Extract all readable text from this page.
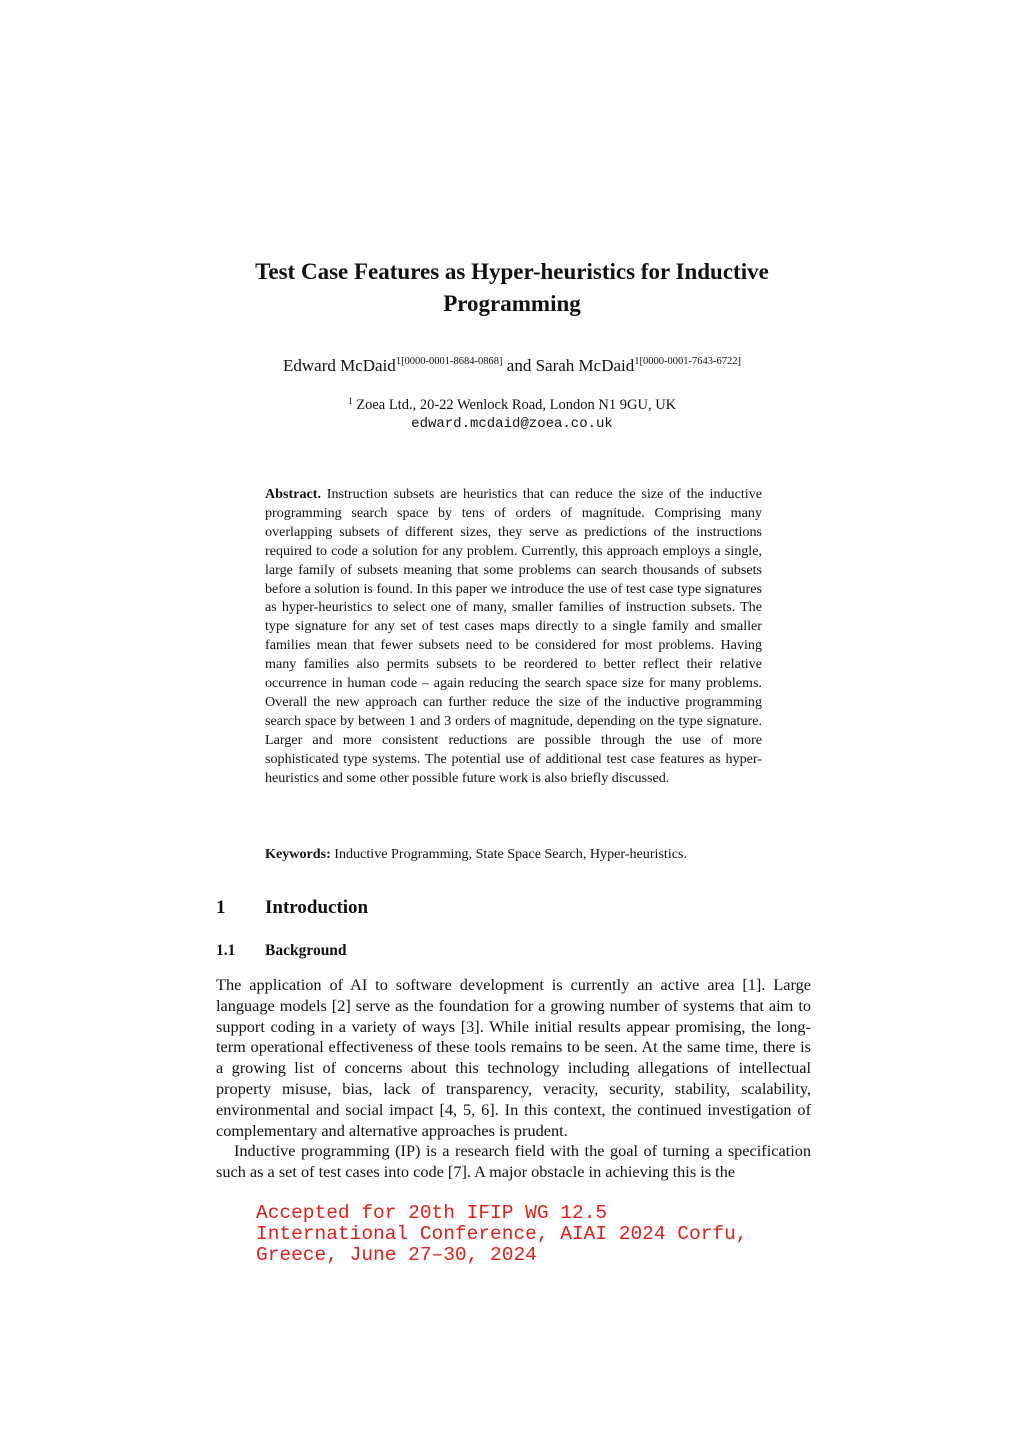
Test Case Features as Hyper-heuristics for Inductive Programming
Edward McDaid$^{1[0000-0001-8684-0868]}$ and Sarah McDaid$^{1[0000-0001-7643-6722]}$
$^1$ Zoea Ltd., 20-22 Wenlock Road, London N1 9GU, UK
edward.mcdaid@zoea.co.uk
Abstract. Instruction subsets are heuristics that can reduce the size of the inductive programming search space by tens of orders of magnitude. Comprising many overlapping subsets of different sizes, they serve as predictions of the instructions required to code a solution for any problem. Currently, this approach employs a single, large family of subsets meaning that some problems can search thousands of subsets before a solution is found. In this paper we introduce the use of test case type signatures as hyper-heuristics to select one of many, smaller families of instruction subsets. The type signature for any set of test cases maps directly to a single family and smaller families mean that fewer subsets need to be considered for most problems. Having many families also permits subsets to be reordered to better reflect their relative occurrence in human code – again reducing the search space size for many problems. Overall the new approach can further reduce the size of the inductive programming search space by between 1 and 3 orders of magnitude, depending on the type signature. Larger and more consistent reductions are possible through the use of more sophisticated type systems. The potential use of additional test case features as hyper-heuristics and some other possible future work is also briefly discussed.
Keywords: Inductive Programming, State Space Search, Hyper-heuristics.
1 Introduction
1.1 Background

The application of AI to software development is currently an active area [1]. Large language models [2] serve as the foundation for a growing number of systems that aim to support coding in a variety of ways [3]. While initial results appear promising, the long-term operational effectiveness of these tools remains to be seen. At the same time, there is a growing list of concerns about this technology including allegations of intellectual property misuse, bias, lack of transparency, veracity, security, stability, scalability, environmental and social impact [4, 5, 6]. In this context, the continued investigation of complementary and alternative approaches is prudent.

Inductive programming (IP) is a research field with the goal of turning a specification such as a set of test cases into code [7]. A major obstacle in achieving this is the

Accepted for 20th IFIP WG 12.5
International Conference, AIAI 2024 Corfu,
Greece, June 27–30, 2024
